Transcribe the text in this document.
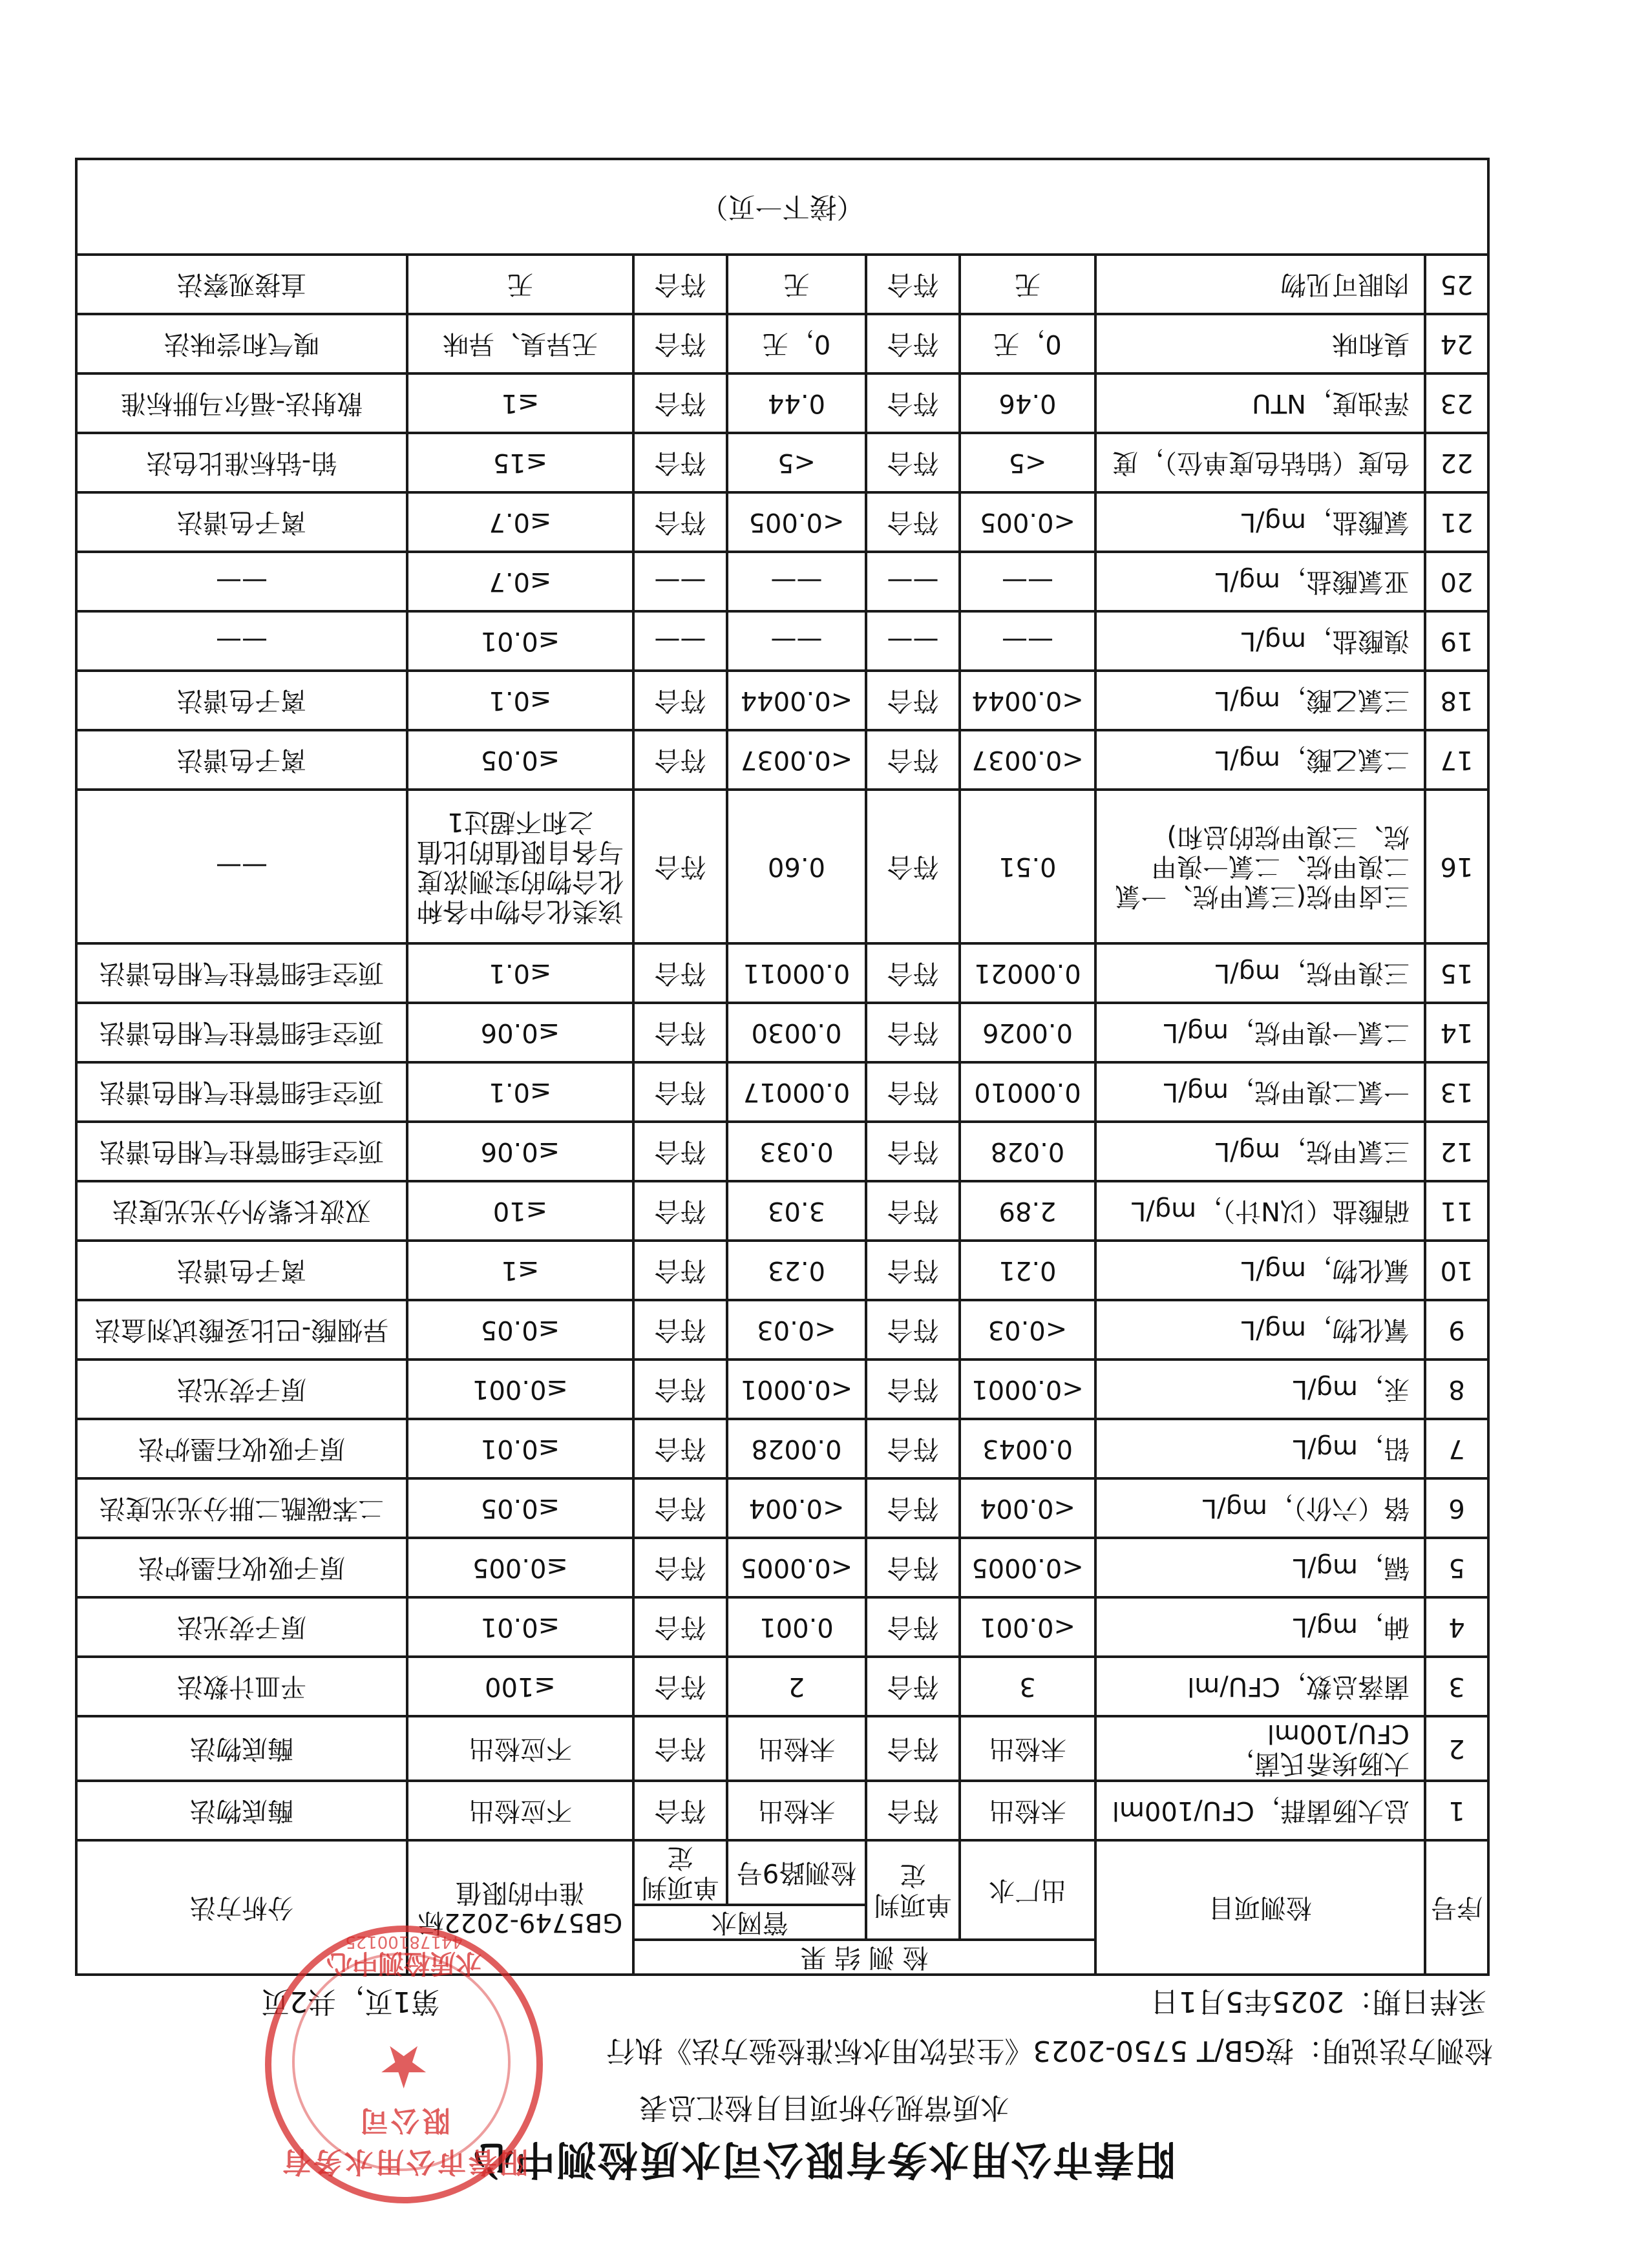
阳春市公用水务有限公司水质检测中心
水质常规分析项目月检汇总表
检测方法说明：按GB/T 5750-2023《生活饮用水标准检验方法》执行
采样日期：2025年5月1日
第1页，共2页
序号	检测项目	检 测 结 果				GB5749-2022标准中的限值	分析方法
		出厂水	单项判定	管网水			
				检测路9号	单项判定		
1	总大肠菌群，CFU/100ml	未检出	符合	未检出	符合	不应检出	酶底物法
2	大肠埃希氏菌，CFU/100ml	未检出	符合	未检出	符合	不应检出	酶底物法
3	菌落总数，CFU/ml	3	符合	2	符合	≤100	平皿计数法
4	砷，mg/L	<0.001	符合	0.001	符合	≤0.01	原子荧光法
5	镉，mg/L	<0.0005	符合	<0.0005	符合	≤0.005	原子吸收石墨炉法
6	铬（六价），mg/L	<0.004	符合	<0.004	符合	≤0.05	二苯碳酰二肼分光光度法
7	铅，mg/L	0.0043	符合	0.0028	符合	≤0.01	原子吸收石墨炉法
8	汞，mg/L	<0.0001	符合	<0.0001	符合	≤0.001	原子荧光法
9	氰化物，mg/L	<0.03	符合	<0.03	符合	≤0.05	异烟酸-巴比妥酸试剂盒法
10	氟化物，mg/L	0.21	符合	0.23	符合	≤1	离子色谱法
11	硝酸盐（以N计），mg/L	2.89	符合	3.03	符合	≤10	双波长紫外分光光度法
12	三氯甲烷，mg/L	0.028	符合	0.033	符合	≤0.06	顶空毛细管柱气相色谱法
13	一氯二溴甲烷，mg/L	0.00010	符合	0.00017	符合	≤0.1	顶空毛细管柱气相色谱法
14	二氯一溴甲烷，mg/L	0.0026	符合	0.0030	符合	≤0.06	顶空毛细管柱气相色谱法
15	三溴甲烷，mg/L	0.00021	符合	0.00011	符合	≤0.1	顶空毛细管柱气相色谱法
16	三卤甲烷(三氯甲烷、一氯二溴甲烷、二氯一溴甲烷、三溴甲烷的总和)	0.51	符合	0.60	符合	该类化合物中各种化合物的实测浓度与各自限值的比值之和不超过1	——
17	二氯乙酸，mg/L	<0.0037	符合	<0.0037	符合	≤0.05	离子色谱法
18	三氯乙酸，mg/L	<0.0044	符合	<0.0044	符合	≤0.1	离子色谱法
19	溴酸盐，mg/L	——	——	——	——	≤0.01	——
20	亚氯酸盐，mg/L	——	——	——	——	≤0.7	——
21	氯酸盐，mg/L	<0.005	符合	<0.005	符合	≤0.7	离子色谱法
22	色度（铂钴色度单位），度	<5	符合	<5	符合	≤15	铂-钴标准比色法
23	浑浊度，NTU	0.46	符合	0.44	符合	≤1	散射法-福尔马肼标准
24	臭和味	0，无	符合	0，无	符合	无异臭、异味	嗅气和尝味法
25	肉眼可见物	无	符合	无	符合	无	直接观察法
（接下一页）							
阳春市公用水务有限公司
★
水质检测中心
44178100125
